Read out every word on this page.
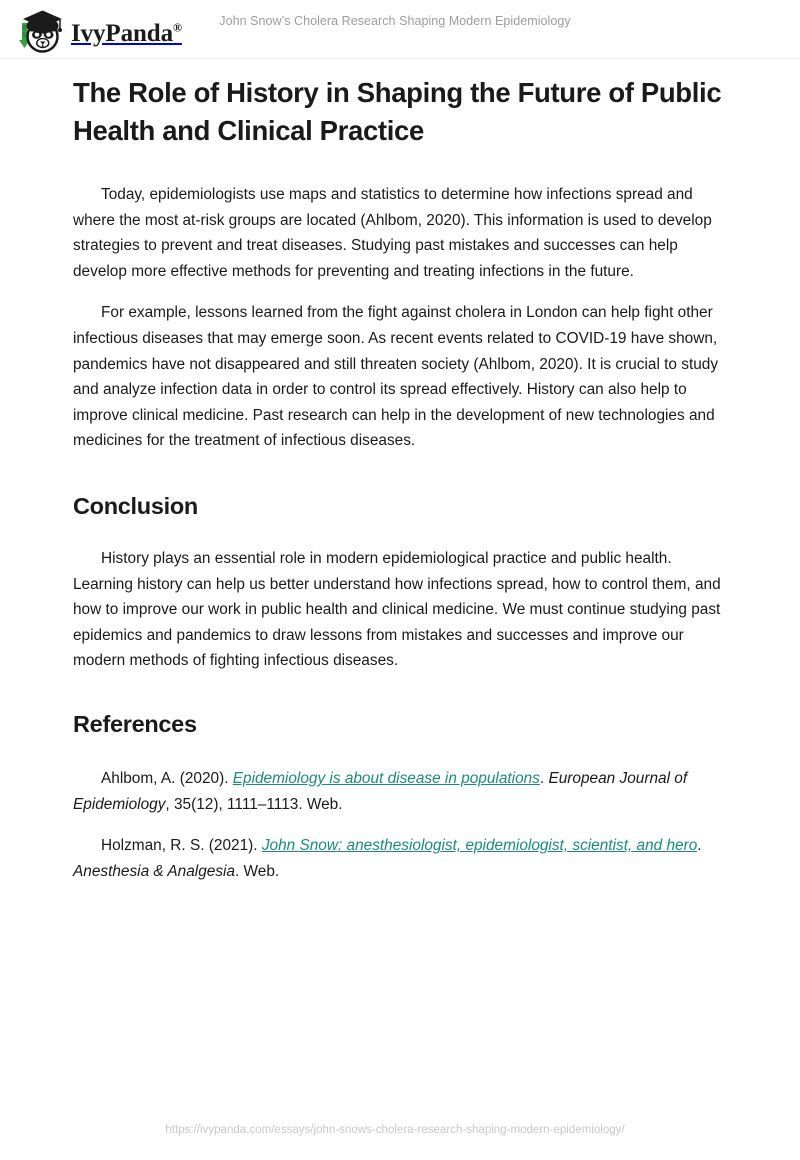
IvyPanda®	John Snow’s Cholera Research Shaping Modern Epidemiology
The Role of History in Shaping the Future of Public Health and Clinical Practice

Today, epidemiologists use maps and statistics to determine how infections spread and where the most at-risk groups are located (Ahlbom, 2020). This information is used to develop strategies to prevent and treat diseases. Studying past mistakes and successes can help develop more effective methods for preventing and treating infections in the future.

For example, lessons learned from the fight against cholera in London can help fight other infectious diseases that may emerge soon. As recent events related to COVID-19 have shown, pandemics have not disappeared and still threaten society (Ahlbom, 2020). It is crucial to study and analyze infection data in order to control its spread effectively. History can also help to improve clinical medicine. Past research can help in the development of new technologies and medicines for the treatment of infectious diseases.

Conclusion

History plays an essential role in modern epidemiological practice and public health. Learning history can help us better understand how infections spread, how to control them, and how to improve our work in public health and clinical medicine. We must continue studying past epidemics and pandemics to draw lessons from mistakes and successes and improve our modern methods of fighting infectious diseases.

References

Ahlbom, A. (2020). Epidemiology is about disease in populations. European Journal of Epidemiology, 35(12), 1111–1113. Web.

Holzman, R. S. (2021). John Snow: anesthesiologist, epidemiologist, scientist, and hero. Anesthesia & Analgesia. Web.

https://ivypanda.com/essays/john-snows-cholera-research-shaping-modern-epidemiology/
